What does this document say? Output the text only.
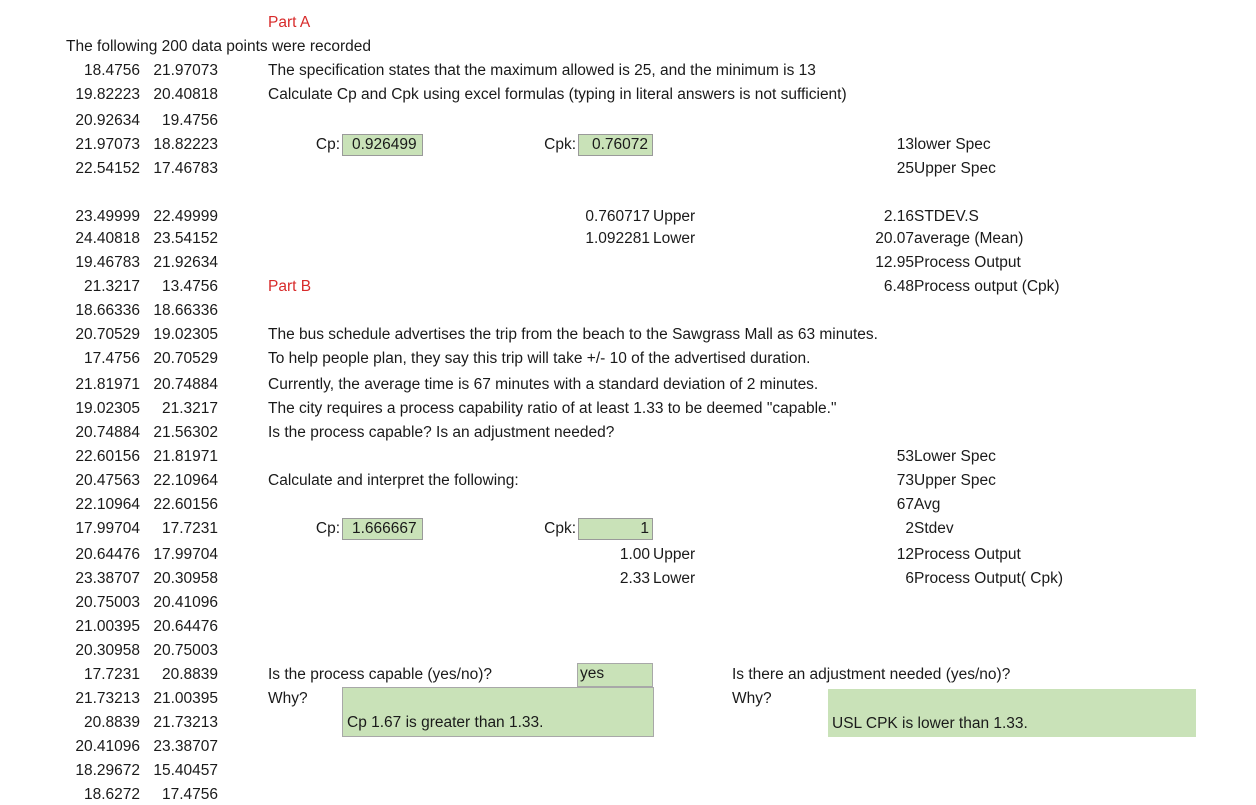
The following 200 data points were recorded
18.4756 21.97073
19.82223 20.40818
20.92634	19.4756
21.97073 18.82223
22.54152 17.46783
23.49999 22.49999
24.40818 23.54152
19.46783 21.92634
21.3217	13.4756
18.66336 18.66336
20.70529 19.02305
17.4756 20.70529
21.81971 20.74884
19.02305	21.3217
20.74884 21.56302
22.60156 21.81971
20.47563 22.10964
22.10964 22.60156
17.99704	17.7231
20.64476 17.99704
23.38707 20.30958
20.75003 20.41096
21.00395 20.64476
20.30958 20.75003
17.7231	20.8839
21.73213 21.00395
20.8839 21.73213
20.41096 23.38707
18.29672 15.40457
18.6272	17.4756
Part A
The specification states that the maximum allowed is 25, and the minimum is 13
Calculate Cp and Cpk using excel formulas (typing in literal answers is not sufficient)
Cp: 0.926499	Cpk:	0.76072
0.760717 Upper
1.092281 Lower
13lower Spec
25Upper Spec
2.16STDEV.S
20.07average (Mean)
12.95Process Output
6.48Process output (Cpk)
Part B
The bus schedule advertises the trip from the beach to the Sawgrass Mall as 63 minutes.
To help people plan, they say this trip will take +/- 10 of the advertised duration.
Currently, the average time is 67 minutes with a standard deviation of 2 minutes.
The city requires a process capability ratio of at least 1.33 to be deemed "capable."
Is the process capable? Is an adjustment needed?
Calculate and interpret the following:
Cp: 1.666667	Cpk:	1
1.00 Upper
2.33 Lower
53Lower Spec
73Upper Spec
67Avg
2Stdev
12Process Output
6Process Output( Cpk)
Is the process capable (yes/no)?	yes
Why?
Cp 1.67 is greater than 1.33.
Is there an adjustment needed (yes/no)?
Why?
USL CPK is lower than 1.33.
